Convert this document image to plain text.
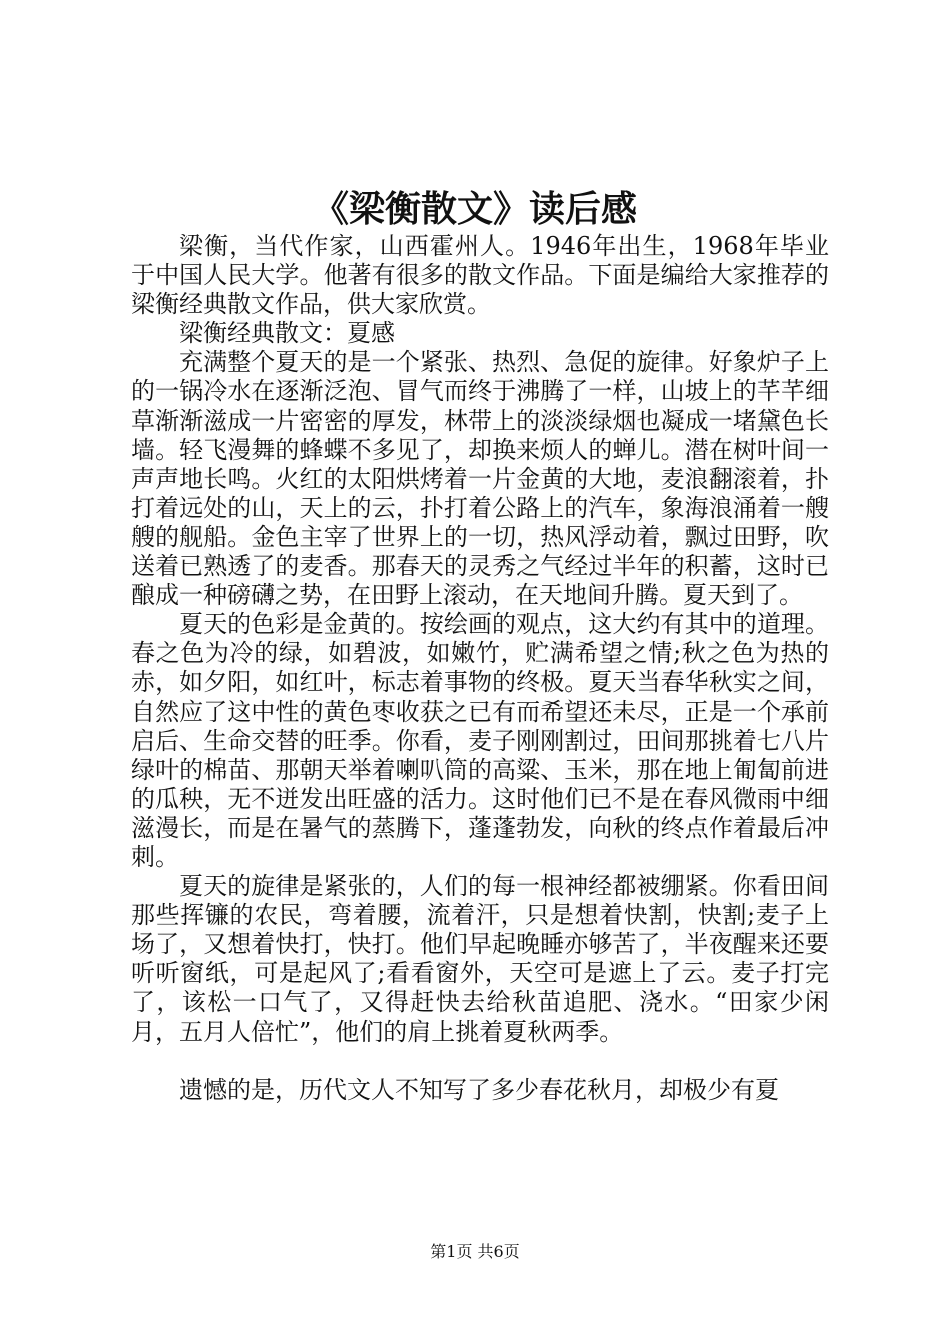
《梁衡散文》读后感

梁衡，当代作家，山西霍州人。1946年出生，1968年毕业于中国人民大学。他著有很多的散文作品。下面是编给大家推荐的梁衡经典散文作品，供大家欣赏。

梁衡经典散文：夏感

充满整个夏天的是一个紧张、热烈、急促的旋律。好象炉子上的一锅冷水在逐渐泛泡、冒气而终于沸腾了一样，山坡上的芊芊细草渐渐滋成一片密密的厚发，林带上的淡淡绿烟也凝成一堵黛色长墙。轻飞漫舞的蜂蝶不多见了，却换来烦人的蝉儿。潜在树叶间一声声地长鸣。火红的太阳烘烤着一片金黄的大地，麦浪翻滚着，扑打着远处的山，天上的云，扑打着公路上的汽车，象海浪涌着一艘艘的舰船。金色主宰了世界上的一切，热风浮动着，飘过田野，吹送着已熟透了的麦香。那春天的灵秀之气经过半年的积蓄，这时已酿成一种磅礴之势，在田野上滚动，在天地间升腾。夏天到了。

夏天的色彩是金黄的。按绘画的观点，这大约有其中的道理。春之色为冷的绿，如碧波，如嫩竹，贮满希望之情;秋之色为热的赤，如夕阳，如红叶，标志着事物的终极。夏天当春华秋实之间，自然应了这中性的黄色枣收获之已有而希望还未尽，正是一个承前启后、生命交替的旺季。你看，麦子刚刚割过，田间那挑着七八片绿叶的棉苗、那朝天举着喇叭筒的高粱、玉米，那在地上匍匐前进的瓜秧，无不迸发出旺盛的活力。这时他们已不是在春风微雨中细滋漫长，而是在暑气的蒸腾下，蓬蓬勃发，向秋的终点作着最后冲刺。

夏天的旋律是紧张的，人们的每一根神经都被绷紧。你看田间那些挥镰的农民，弯着腰，流着汗，只是想着快割，快割;麦子上场了，又想着快打，快打。他们早起晚睡亦够苦了，半夜醒来还要听听窗纸，可是起风了;看看窗外，天空可是遮上了云。麦子打完了，该松一口气了，又得赶快去给秋苗追肥、浇水。“田家少闲月，五月人倍忙”，他们的肩上挑着夏秋两季。

遗憾的是，历代文人不知写了多少春花秋月，却极少有夏

第1页 共6页
